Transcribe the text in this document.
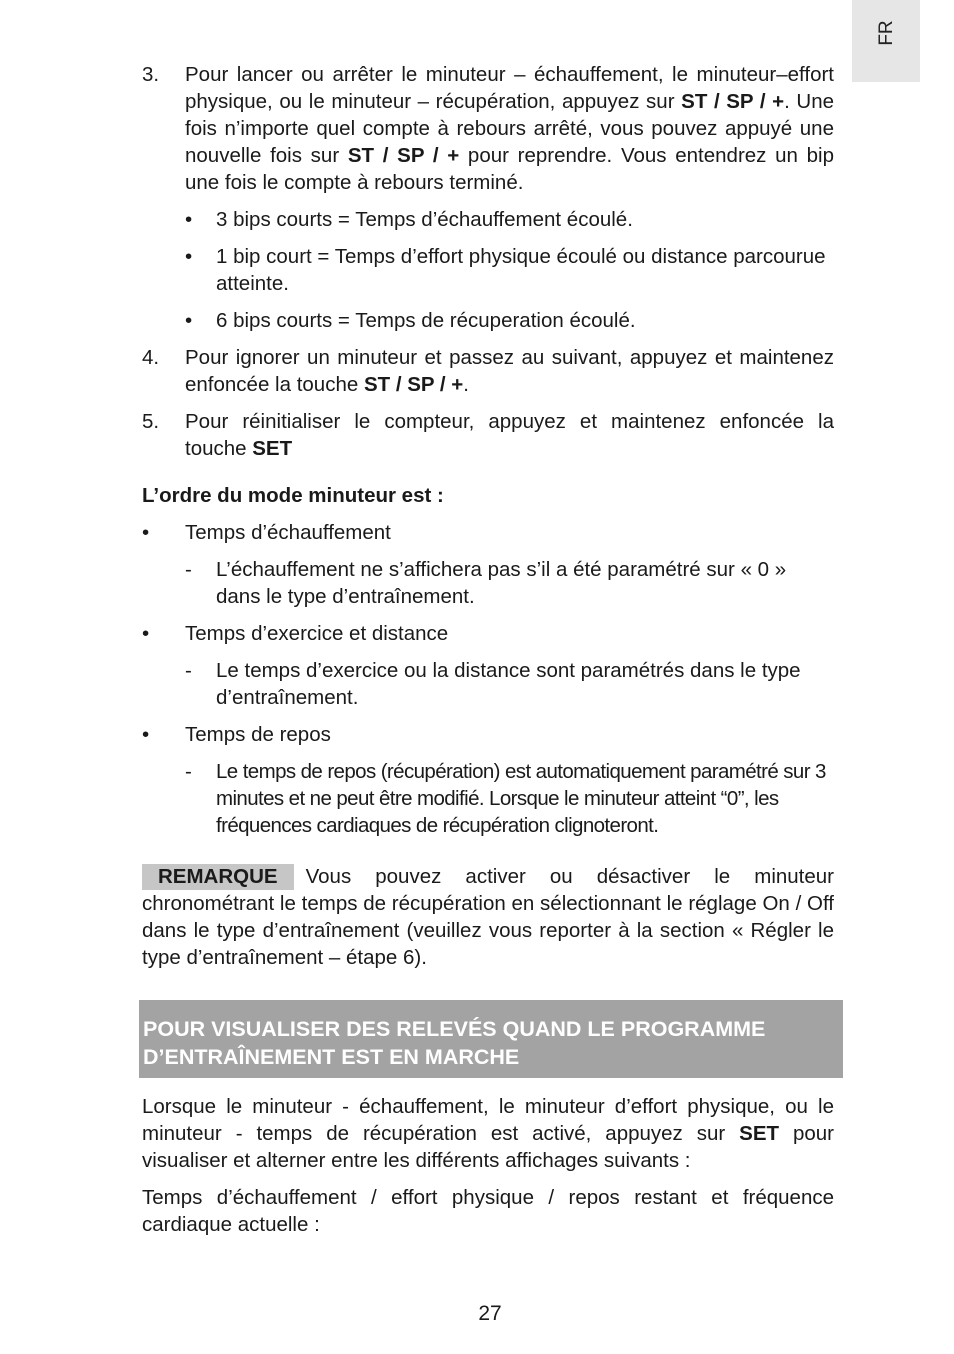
FR
3. Pour lancer ou arrêter le minuteur – échauffement, le minuteur–effort physique, ou le minuteur – récupération, appuyez sur ST / SP / +. Une fois n’importe quel compte à rebours arrêté, vous pouvez appuyé une nouvelle fois sur ST / SP / + pour reprendre. Vous entendrez un bip une fois le compte à rebours terminé.
• 3 bips courts = Temps d’échauffement écoulé.
• 1 bip court = Temps d’effort physique écoulé ou distance parcourue atteinte.
• 6 bips courts = Temps de récuperation écoulé.
4. Pour ignorer un minuteur et passez au suivant, appuyez et maintenez enfoncée la touche ST / SP / +.
5. Pour réinitialiser le compteur, appuyez et maintenez enfoncée la touche SET
L’ordre du mode minuteur est :
• Temps d’échauffement
- L’échauffement ne s’affichera pas s’il a été paramétré sur « 0 » dans le type d’entraînement.
• Temps d’exercice et distance
- Le temps d’exercice ou la distance sont paramétrés dans le type d’entraînement.
• Temps de repos
- Le temps de repos (récupération) est automatiquement paramétré sur 3 minutes et ne peut être modifié. Lorsque le minuteur atteint “0”, les fréquences cardiaques de récupération clignoteront.
REMARQUE Vous pouvez activer ou désactiver le minuteur chronométrant le temps de récupération en sélectionnant le réglage On / Off dans le type d’entraînement (veuillez vous reporter à la section « Régler le type d’entraînement – étape 6).
POUR VISUALISER DES RELEVÉS QUAND LE PROGRAMME D’ENTRAÎNEMENT EST EN MARCHE

Lorsque le minuteur - échauffement, le minuteur d’effort physique, ou le minuteur - temps de récupération est activé, appuyez sur SET pour visualiser et alterner entre les différents affichages suivants :

Temps d’échauffement / effort physique / repos restant et fréquence cardiaque actuelle :

27
